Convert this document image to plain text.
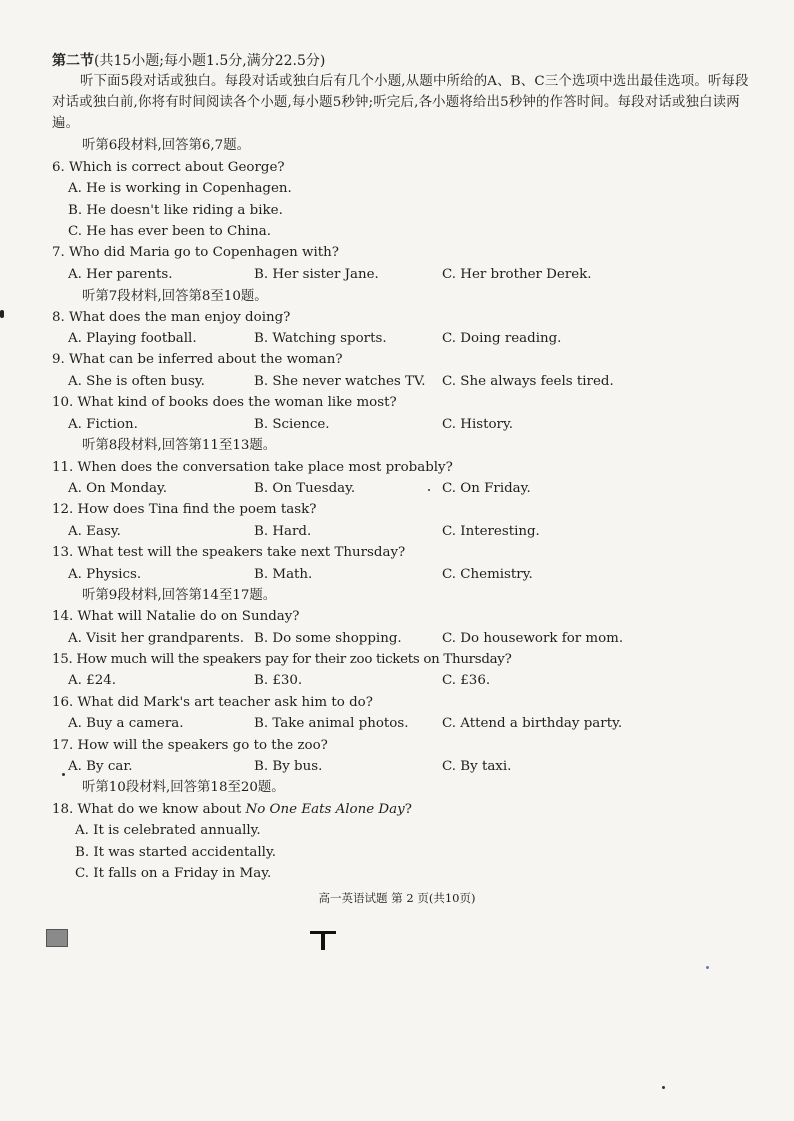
第二节(共15小题;每小题1.5分,满分22.5分)
听下面5段对话或独白。每段对话或独白后有几个小题,从题中所给的A、B、C三个选项中选出最佳选项。听每段对话或独白前,你将有时间阅读各个小题,每小题5秒钟;听完后,各小题将给出5秒钟的作答时间。每段对话或独白读两遍。
听第6段材料,回答第6,7题。
6. Which is correct about George?
A. He is working in Copenhagen.
B. He doesn't like riding a bike.
C. He has ever been to China.
7. Who did Maria go to Copenhagen with?
A. Her parents.	B. Her sister Jane.	C. Her brother Derek.
听第7段材料,回答第8至10题。
8. What does the man enjoy doing?
A. Playing football.	B. Watching sports.	C. Doing reading.
9. What can be inferred about the woman?
A. She is often busy.	B. She never watches TV. C. She always feels tired.
10. What kind of books does the woman like most?
A. Fiction.	B. Science.	C. History.
听第8段材料,回答第11至13题。
11. When does the conversation take place most probably?
A. On Monday.	B. On Tuesday.	C. On Friday.
12. How does Tina find the poem task?
A. Easy.	B. Hard.	C. Interesting.
13. What test will the speakers take next Thursday?
A. Physics.	B. Math.	C. Chemistry.
听第9段材料,回答第14至17题。
14. What will Natalie do on Sunday?
A. Visit her grandparents. B. Do some shopping.	C. Do housework for mom.
15. How much will the speakers pay for their zoo tickets on Thursday?
A. £24.	B. £30.	C. £36.
16. What did Mark's art teacher ask him to do?
A. Buy a camera.	B. Take animal photos.	C. Attend a birthday party.
17. How will the speakers go to the zoo?
A. By car.	B. By bus.	C. By taxi.
听第10段材料,回答第18至20题。
18. What do we know about No One Eats Alone Day?
A. It is celebrated annually.
B. It was started accidentally.
C. It falls on a Friday in May.
高一英语试题 第 2 页(共10页)
